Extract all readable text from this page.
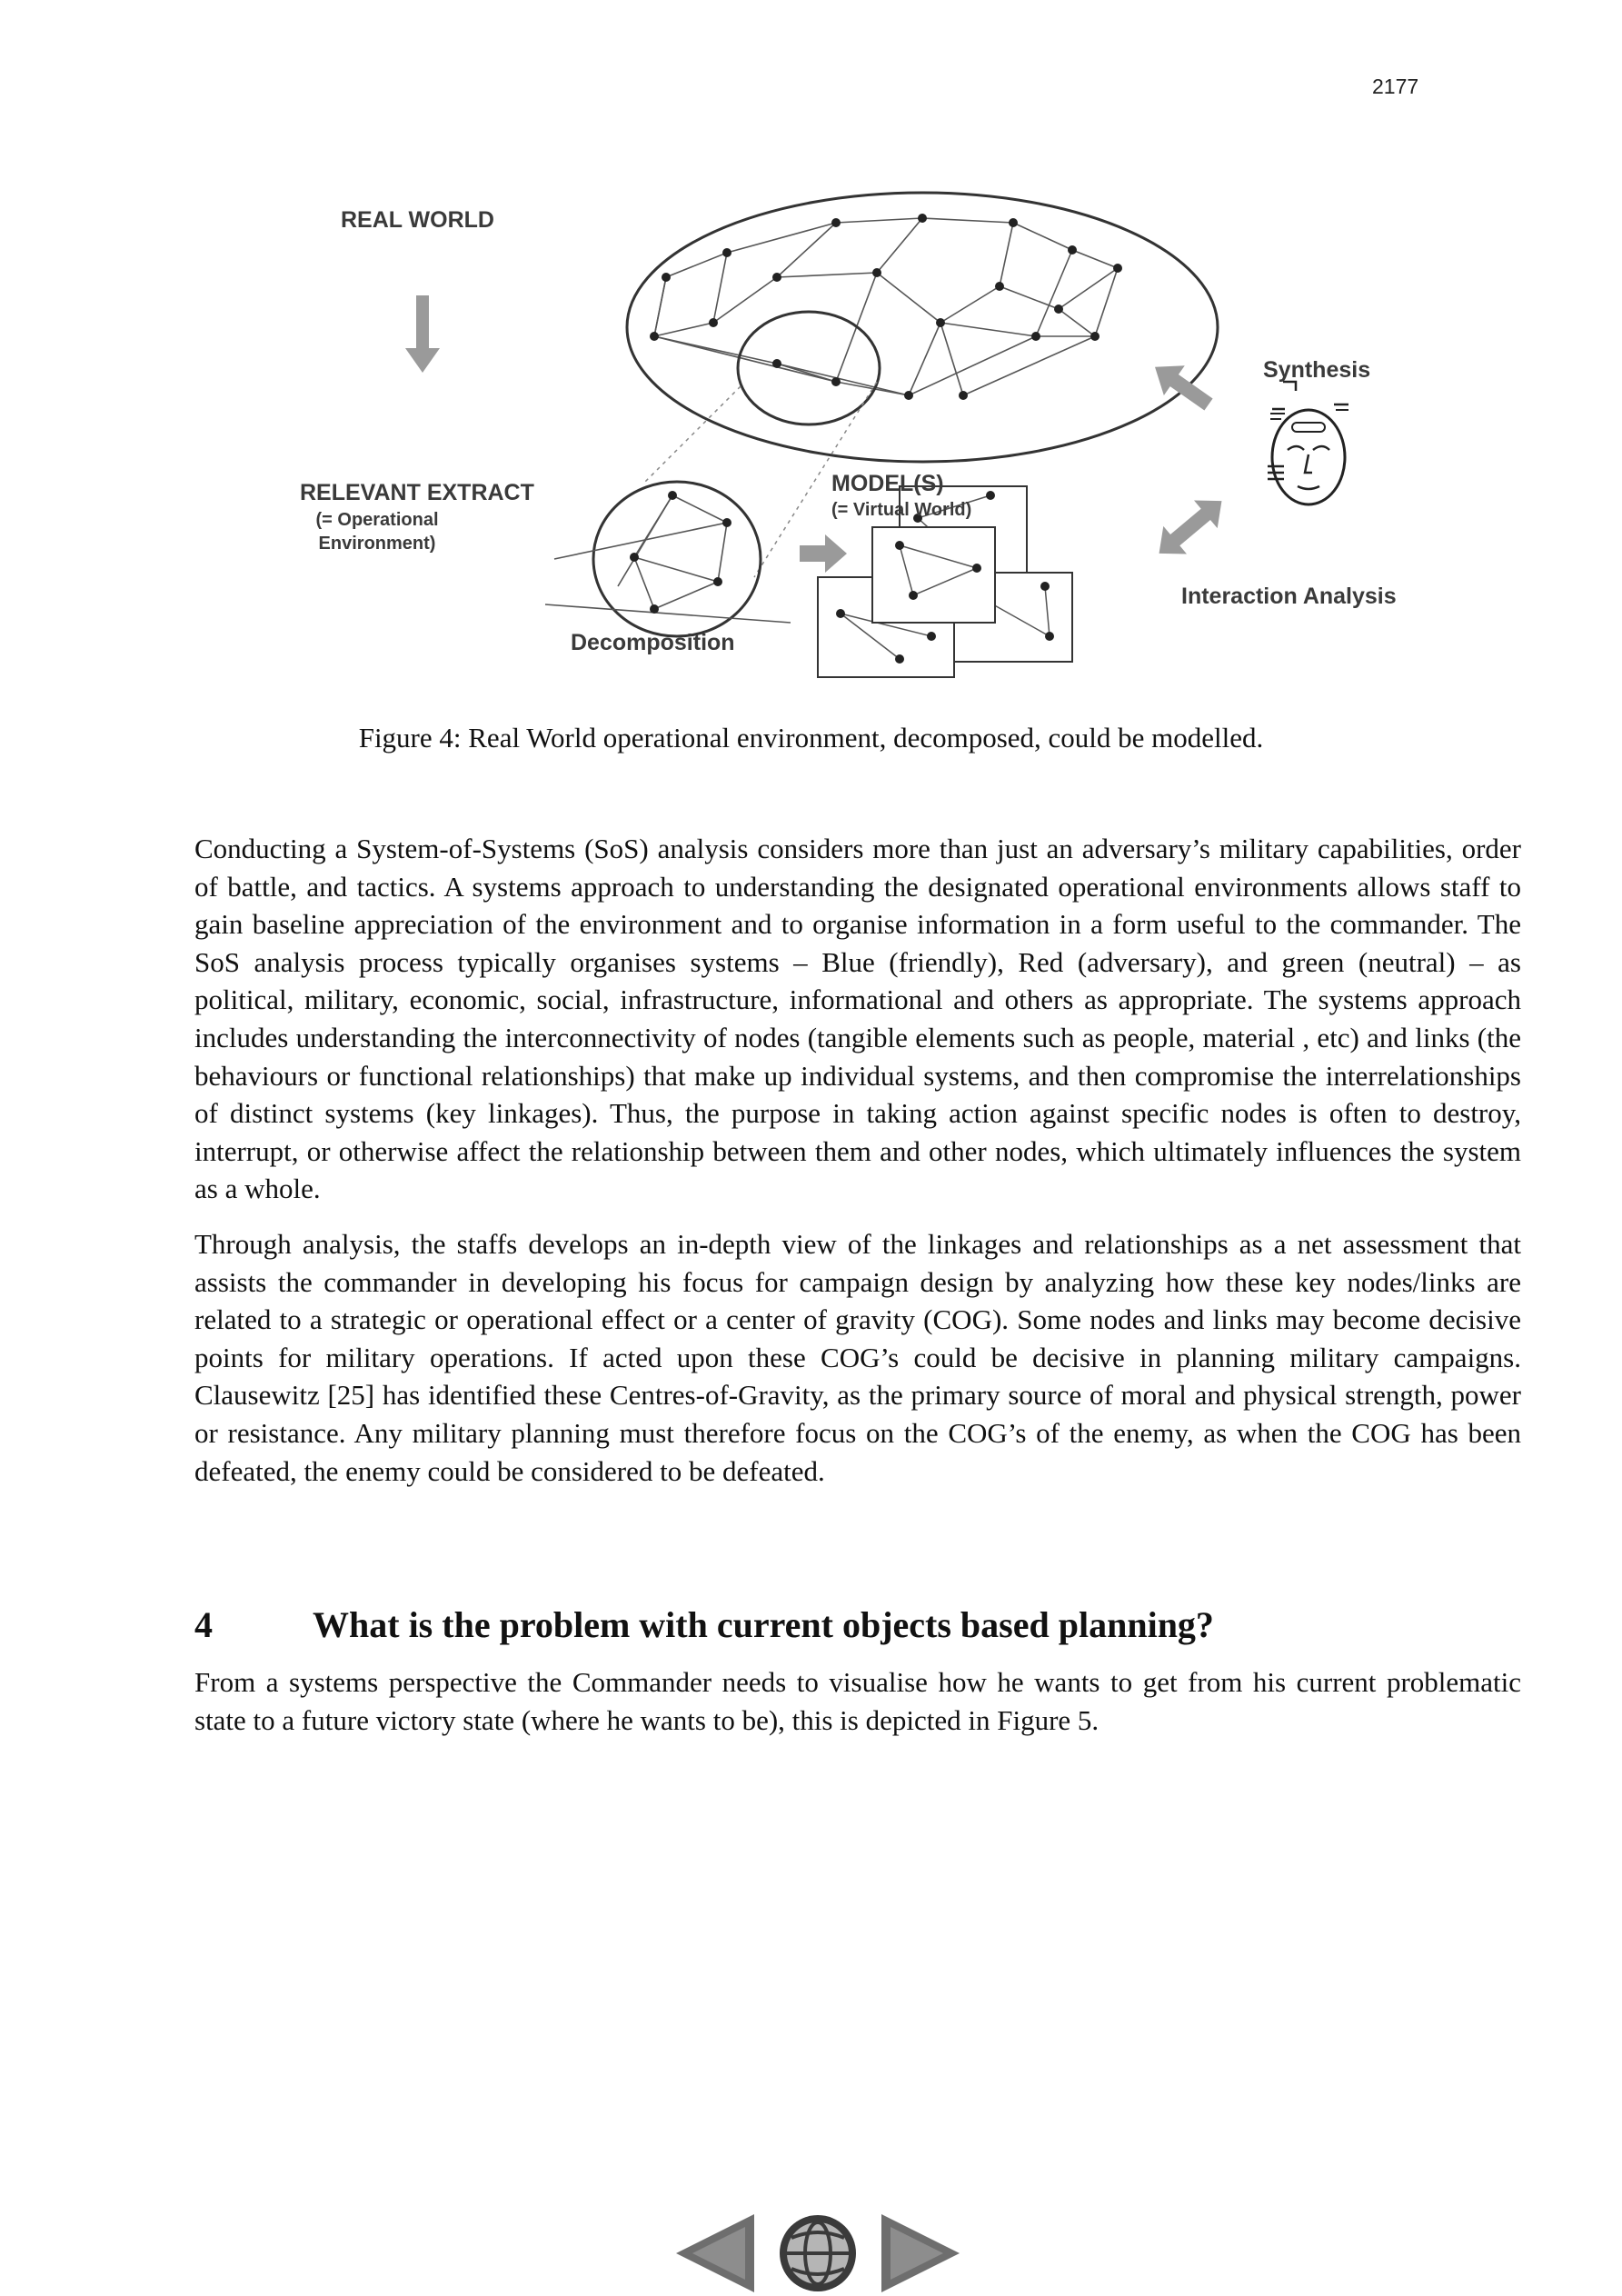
2177
REAL WORLD
RELEVANT EXTRACT
(= Operational
Environment)
MODEL(S)
(= Virtual World)
Synthesis
Interaction Analysis
Decomposition
Figure 4: Real World operational environment, decomposed, could be modelled.

Conducting a System-of-Systems (SoS) analysis considers more than just an adversary’s military capabilities, order of battle, and tactics. A systems approach to understanding the designated operational environments allows staff to gain baseline appreciation of the environment and to organise information in a form useful to the commander. The SoS analysis process typically organises systems – Blue (friendly), Red (adversary), and green (neutral) – as political, military, economic, social, infrastructure, informational and others as appropriate. The systems approach includes understanding the interconnectivity of nodes (tangible elements such as people, material , etc) and links (the behaviours or functional relationships) that make up individual systems, and then compromise the interrelationships of distinct systems (key linkages). Thus, the purpose in taking action against specific nodes is often to destroy, interrupt, or otherwise affect the relationship between them and other nodes, which ultimately influences the system as a whole.

Through analysis, the staffs develops an in-depth view of the linkages and relationships as a net assessment that assists the commander in developing his focus for campaign design by analyzing how these key nodes/links are related to a strategic or operational effect or a center of gravity (COG). Some nodes and links may become decisive points for military operations. If acted upon these COG’s could be decisive in planning military campaigns. Clausewitz [25] has identified these Centres-of-Gravity, as the primary source of moral and physical strength, power or resistance. Any military planning must therefore focus on the COG’s of the enemy, as when the COG has been defeated, the enemy could be considered to be defeated.

4	What is the problem with current objects based planning?

From a systems perspective the Commander needs to visualise how he wants to get from his current problematic state to a future victory state (where he wants to be), this is depicted in Figure 5.
